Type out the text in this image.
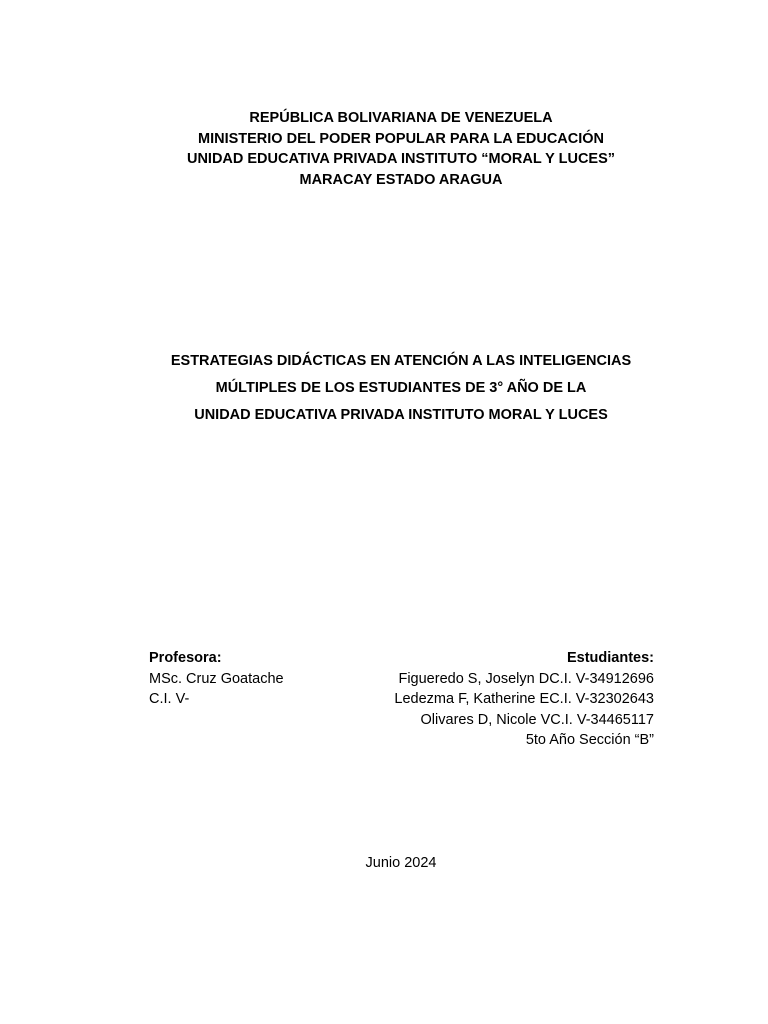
REPÚBLICA BOLIVARIANA DE VENEZUELA
MINISTERIO DEL PODER POPULAR PARA LA EDUCACIÓN
UNIDAD EDUCATIVA PRIVADA INSTITUTO “MORAL Y LUCES”
MARACAY ESTADO ARAGUA
ESTRATEGIAS DIDÁCTICAS EN ATENCIÓN A LAS INTELIGENCIAS
MÚLTIPLES DE LOS ESTUDIANTES DE 3° AÑO DE LA
UNIDAD EDUCATIVA PRIVADA INSTITUTO MORAL Y LUCES
Profesora:
MSc. Cruz Goatache
C.I. V-
Estudiantes:
Figueredo S, Joselyn DC.I. V-34912696
Ledezma F, Katherine EC.I. V-32302643
Olivares D, Nicole VC.I. V-34465117
5to Año Sección “B”
Junio 2024
